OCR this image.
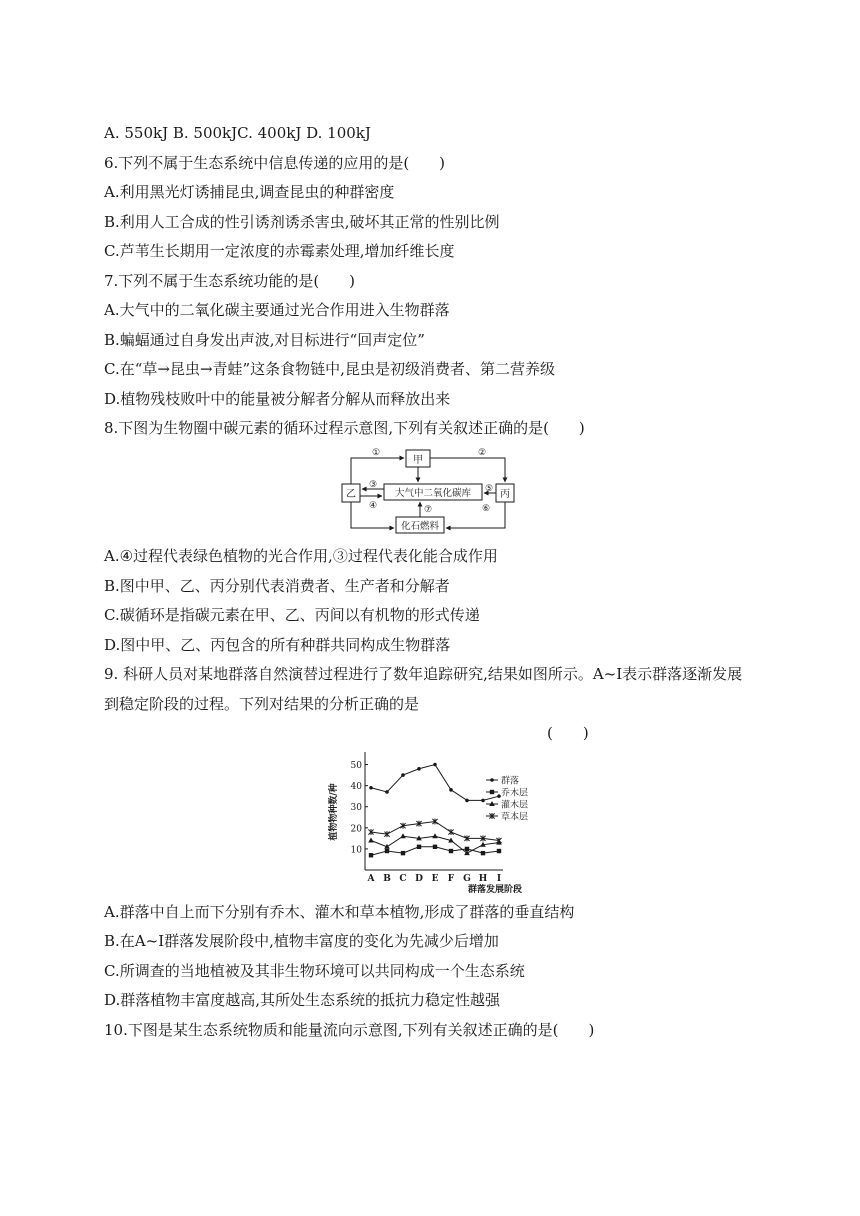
A. 550kJ B. 500kJC. 400kJ D. 100kJ
6.下列不属于生态系统中信息传递的应用的是(　　)
A.利用黑光灯诱捕昆虫,调查昆虫的种群密度
B.利用人工合成的性引诱剂诱杀害虫,破坏其正常的性别比例
C.芦苇生长期用一定浓度的赤霉素处理,增加纤维长度
7.下列不属于生态系统功能的是(　　)
A.大气中的二氧化碳主要通过光合作用进入生物群落
B.蝙蝠通过自身发出声波,对目标进行“回声定位”
C.在“草→昆虫→青蛙”这条食物链中,昆虫是初级消费者、第二营养级
D.植物残枝败叶中的能量被分解者分解从而释放出来
8.下图为生物圈中碳元素的循环过程示意图,下列有关叙述正确的是(　　)
甲
乙	丙
大气中二氧化碳库
化石燃料
①	②
③
④
⑤
⑥
⑦
A.④过程代表绿色植物的光合作用,③过程代表化能合成作用
B.图中甲、乙、丙分别代表消费者、生产者和分解者
C.碳循环是指碳元素在甲、乙、丙间以有机物的形式传递
D.图中甲、乙、丙包含的所有种群共同构成生物群落
9. 科研人员对某地群落自然演替过程进行了数年追踪研究,结果如图所示。A~I表示群落逐渐发展
到稳定阶段的过程。下列对结果的分析正确的是
(　　)
10
20
30
40
50
A B C D E F G H I
植物物种数/种
群落发展阶段
群落
乔木层
灌木层
草本层
A.群落中自上而下分别有乔木、灌木和草本植物,形成了群落的垂直结构
B.在A~I群落发展阶段中,植物丰富度的变化为先减少后增加
C.所调查的当地植被及其非生物环境可以共同构成一个生态系统
D.群落植物丰富度越高,其所处生态系统的抵抗力稳定性越强
10.下图是某生态系统物质和能量流向示意图,下列有关叙述正确的是(　　)
